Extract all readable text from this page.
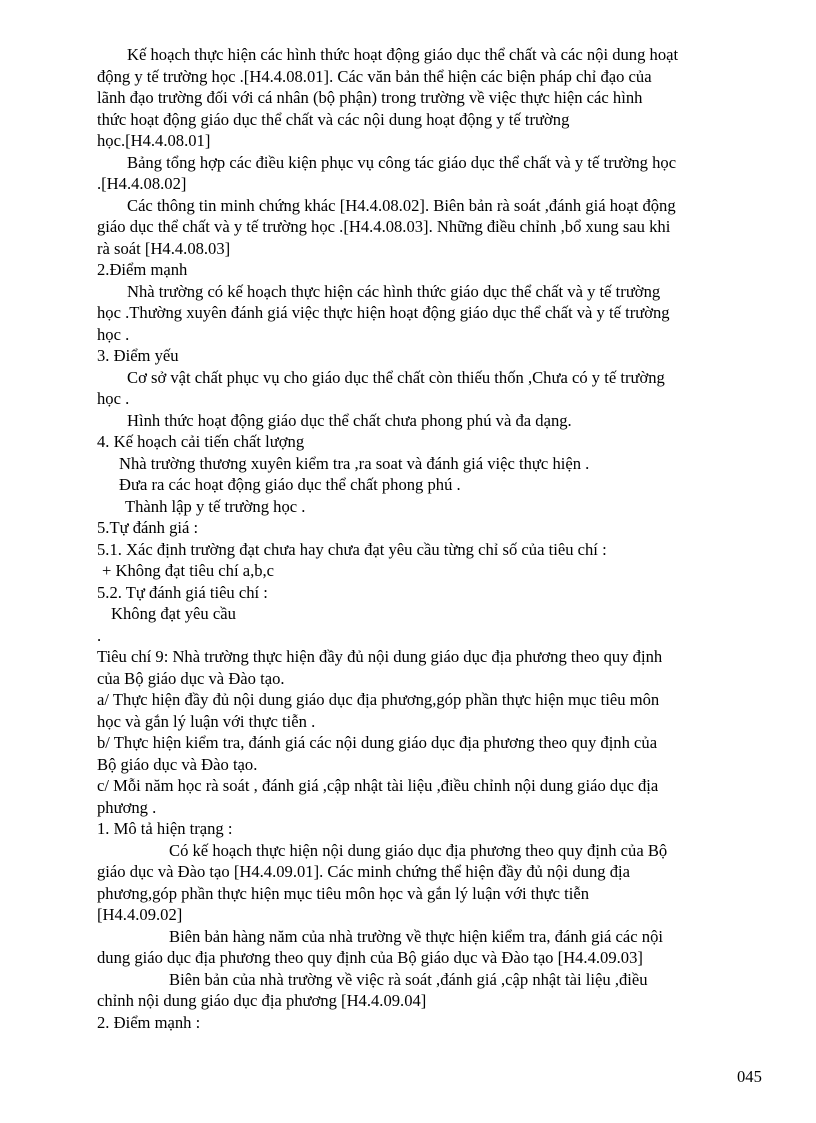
Kế hoạch thực hiện các hình thức hoạt động giáo dục thể chất và các nội dung hoạt
động y tế trường học .[H4.4.08.01]. Các văn bản thể hiện các biện pháp chỉ đạo của
lãnh đạo trường đối với cá nhân (bộ phận) trong trường về việc thực hiện các hình
thức hoạt động giáo dục thể chất và các nội dung hoạt động y tế trường
học.[H4.4.08.01]
Bảng tổng hợp các điều kiện phục vụ công tác giáo dục thể chất và y tế trường học
.[H4.4.08.02]
Các thông tin minh chứng khác [H4.4.08.02]. Biên bản rà soát ,đánh giá hoạt động
giáo dục thể chất và y tế trường học .[H4.4.08.03]. Những điều chỉnh ,bổ xung sau khi
rà soát [H4.4.08.03]
2.Điểm mạnh
Nhà trường có kế hoạch thực hiện các hình thức giáo dục thể chất và y tế trường
học .Thường xuyên đánh giá việc thực hiện hoạt động giáo dục thể chất và y tế trường
học .
3. Điểm yếu
Cơ sở vật chất phục vụ cho giáo dục thể chất còn thiếu thốn ,Chưa có y tế trường
học .
Hình thức hoạt động giáo dục thể chất chưa phong phú và đa dạng.
4. Kế hoạch cải tiến chất lượng
Nhà trường thương xuyên kiểm tra ,ra soat và đánh giá việc thực hiện .
Đưa ra các hoạt động giáo dục thể chất phong phú .
Thành lập y tế trường học .
5.Tự đánh giá :
5.1. Xác định trường đạt chưa hay chưa đạt yêu cầu từng chỉ số của tiêu chí :
+ Không đạt tiêu chí a,b,c
5.2. Tự đánh giá tiêu chí :
Không đạt yêu cầu
.
Tiêu chí 9: Nhà trường thực hiện đầy đủ nội dung giáo dục địa phương theo quy định
của Bộ giáo dục và Đào tạo.
a/ Thực hiện đầy đủ nội dung giáo dục địa phương,góp phần thực hiện mục tiêu môn
học và gắn lý luận với thực tiễn .
b/ Thực hiện kiểm tra, đánh giá các nội dung giáo dục địa phương theo quy định của
Bộ giáo dục và Đào tạo.
c/ Mỗi năm học rà soát , đánh giá ,cập nhật tài liệu ,điều chỉnh nội dung giáo dục địa
phương .
1. Mô tả hiện trạng :
Có kế hoạch thực hiện nội dung giáo dục địa phương theo quy định của Bộ
giáo dục và Đào tạo [H4.4.09.01]. Các minh chứng thể hiện đầy đủ nội dung địa
phương,góp phần thực hiện mục tiêu môn học và gắn lý luận với thực tiễn
[H4.4.09.02]
Biên bản hàng năm của nhà trường về thực hiện kiểm tra, đánh giá các nội
dung giáo dục địa phương theo quy định của Bộ giáo dục và Đào tạo [H4.4.09.03]
Biên bản của nhà trường về việc rà soát ,đánh giá ,cập nhật tài liệu ,điều
chỉnh nội dung giáo dục địa phương [H4.4.09.04]
2. Điểm mạnh :
045
